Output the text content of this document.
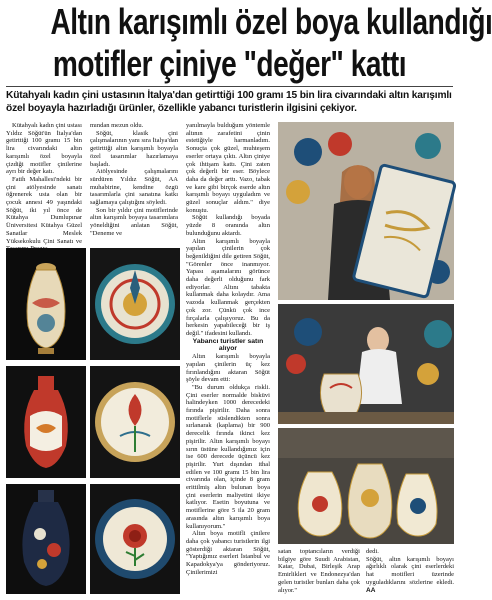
Altın karışımlı özel boya kullandığı
motifler çiniye "değer" kattı
Kütahyalı kadın çini ustasının İtalya'dan getirttiği 100 gramı 15 bin lira civarındaki altın karışımlı özel boyayla hazırladığı ürünler, özellikle yabancı turistlerin ilgisini çekiyor.

Kütahyalı kadın çini ustası Yıldız Söğüt'ün İtalya'dan getirttiği 100 gramı 15 bin lira civarındaki altın karışımlı özel boyayla çizdiği motifler çinilerine ayrı bir değer katı.

Fatih Mahallesi'ndeki bir çini atölyesinde sanatı öğrenerek usta olan bir çocuk annesi 49 yaşındaki Söğüt, iki yıl önce de Kütahya Dumlupınar Üniversitesi Kütahya Güzel Sanatlar Meslek Yüksekokulu Çini Sanatı ve

mından mezun oldu.

Söğüt, klasik çini çalışmalarının yanı sıra İtalya'dan getirttiği altın karışımlı boyayla özel tasarımlar hazırlamaya başladı.

Atölyesinde çalışmalarını sürdüren Yıldız Söğüt, AA muhabirine, kendine özgü tasarımlarla çini sanatına katkı sağlamaya çalıştığını söyledi.

Son bir yıldır çini motiflerinde altın karışımlı boyaya tasarımlara yöneldiğini anlatan Söğüt, "Deneme ve

yanılmayla bulduğum yöntemle altının zarafetini çinin estetiğiyle harmanladım. Sonuçta çok güzel, muhteşem eserler ortaya çıktı. Altın çiniye çok ihtişam kattı. Çini zaten çok değerli bir eser. Böylece daha da değer arttı. Vazo, tabak ve kare gibi birçok eserde altın karışımlı boyayı uyguladım ve güzel sonuçlar aldım." diye konuştu.

Söğüt kullandığı boyada yüzde 8 oranında altın bulunduğunu aktardı.

Altın karışımlı boyayla yapılan çinilerin çok beğenildiğini dile getiren Söğüt, "Görenler önce inanmıyor. Yapası aşamalarını görünce daha değerli olduğunu fark ediyorlar. Altını tabakta kullanmak daha kolaydır. Ama vazoda kullanmak gerçekten çok zor. Çünkü çok ince fırçalarla çalışıyoruz. Bu da herkesin yapabileceği bir iş değil." ifadesini kullandı.

Yabancı turistler satın alıyor

Altın karışımlı boyayla yapılan çinilerin üç kez fırınlandığını aktaran Söğüt şöyle devam etti:

"Bu durum oldukça riskli. Çini eserler normalde bisküvi halindeyken 1000 derecedeki fırında pişirilir. Daha sonra motiflerle süslendikten sonra sırlanarak (kaplama) bir 900 derecelik fırında ikinci kez pişirilir. Altın karışımlı boyayı sırın üstüne kullandığımız için ise 600 derecede üçüncü kez pişirilir. Yurt dışından ithal edilen ve 100 gramı 15 bin lira civarında olan, içinde 8 gram erittilmiş altın bulunan boya çini eserlerin maliyetini ikiye katlıyor. Esetin boyutuna ve motiflerine göre 5 ila 20 gram arasında altın karışımlı boya kullanıyorum."

Altın boya motifli çinilere daha çok yabancı turistlerin ilgi gösterdiği aktaran Söğüt, "Yaptığımız eserleri İstanbul ve Kapadokya'ya gönderiyoruz. Çinilerimizi

satan toptancıların verdiği bilgiye göre Suudi Arabistan, Katar, Dubai, Birleşik Arap Emirlikleri ve Endonezya'dan gelen turistler bunları daha çok alıyor."

dedi.

Söğüt, altın karışımlı boyayı ağırlıklı olarak çini eserlerdeki hat motifleri üzerinde uyguladıklarını sözlerine ekledi.

AA
